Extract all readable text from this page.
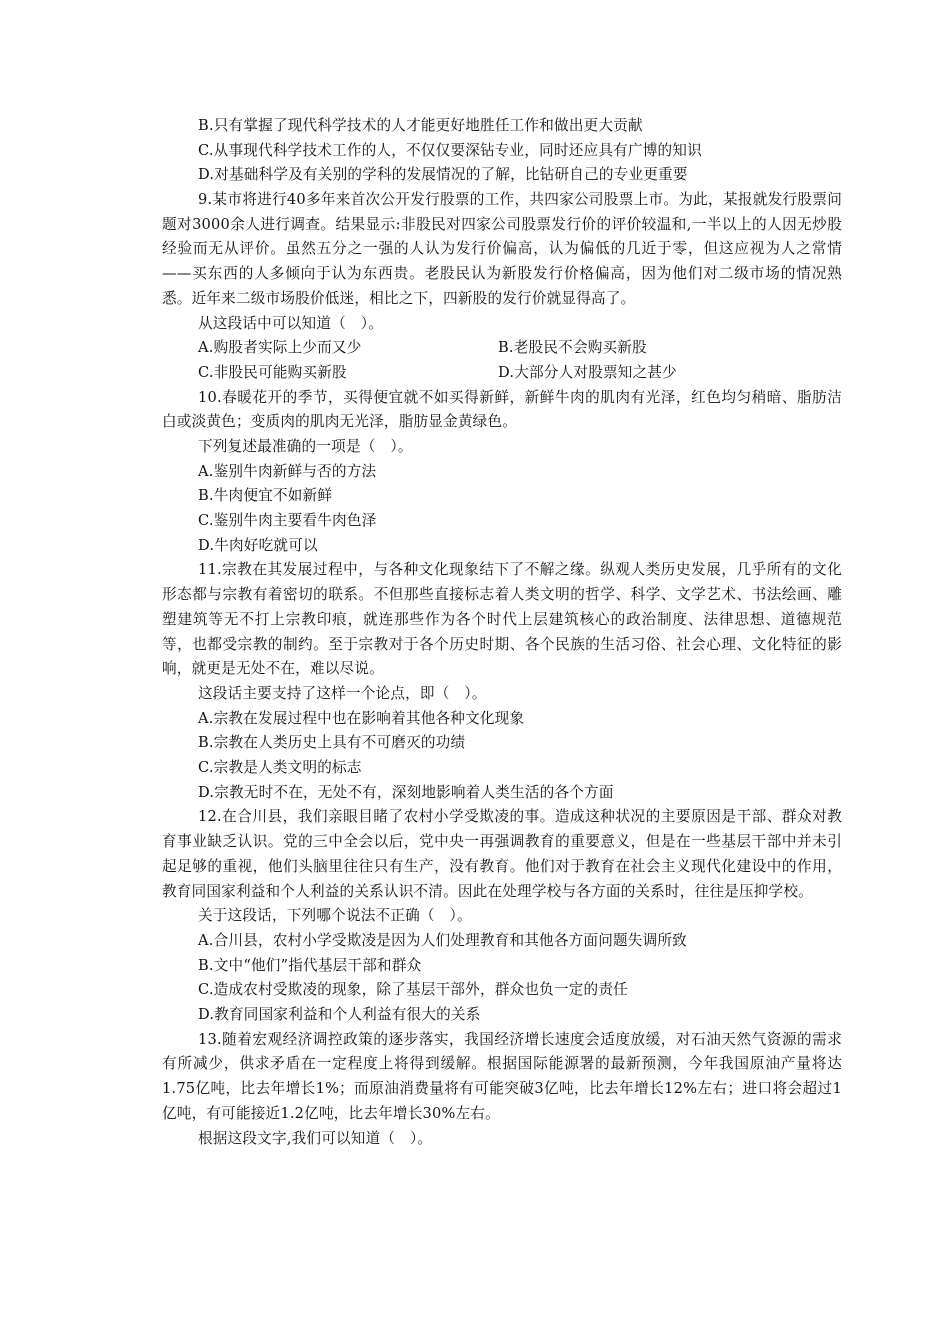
B.只有掌握了现代科学技术的人才能更好地胜任工作和做出更大贡献
C.从事现代科学技术工作的人，不仅仅要深钻专业，同时还应具有广博的知识
D.对基础科学及有关别的学科的发展情况的了解，比钻研自己的专业更重要

9.某市将进行40多年来首次公开发行股票的工作，共四家公司股票上市。为此，某报就发行股票问题对3000余人进行调查。结果显示:非股民对四家公司股票发行价的评价较温和,一半以上的人因无炒股经验而无从评价。虽然五分之一强的人认为发行价偏高，认为偏低的几近于零，但这应视为人之常情——买东西的人多倾向于认为东西贵。老股民认为新股发行价格偏高，因为他们对二级市场的情况熟悉。近年来二级市场股价低迷，相比之下，四新股的发行价就显得高了。

从这段话中可以知道（　）。
A.购股者实际上少而又少	B.老股民不会购买新股
C.非股民可能购买新股	D.大部分人对股票知之甚少

10.春暖花开的季节，买得便宜就不如买得新鲜，新鲜牛肉的肌肉有光泽，红色均匀稍暗、脂肪洁白或淡黄色；变质肉的肌肉无光泽，脂肪显金黄绿色。

下列复述最准确的一项是（　）。
A.鉴别牛肉新鲜与否的方法
B.牛肉便宜不如新鲜
C.鉴别牛肉主要看牛肉色泽
D.牛肉好吃就可以

11.宗教在其发展过程中，与各种文化现象结下了不解之缘。纵观人类历史发展，几乎所有的文化形态都与宗教有着密切的联系。不但那些直接标志着人类文明的哲学、科学、文学艺术、书法绘画、雕塑建筑等无不打上宗教印痕，就连那些作为各个时代上层建筑核心的政治制度、法律思想、道德规范等，也都受宗教的制约。至于宗教对于各个历史时期、各个民族的生活习俗、社会心理、文化特征的影响，就更是无处不在，难以尽说。

这段话主要支持了这样一个论点，即（　）。
A.宗教在发展过程中也在影响着其他各种文化现象
B.宗教在人类历史上具有不可磨灭的功绩
C.宗教是人类文明的标志
D.宗教无时不在，无处不有，深刻地影响着人类生活的各个方面

12.在合川县，我们亲眼目睹了农村小学受欺凌的事。造成这种状况的主要原因是干部、群众对教育事业缺乏认识。党的三中全会以后，党中央一再强调教育的重要意义，但是在一些基层干部中并未引起足够的重视，他们头脑里往往只有生产，没有教育。他们对于教育在社会主义现代化建设中的作用，教育同国家利益和个人利益的关系认识不清。因此在处理学校与各方面的关系时，往往是压抑学校。

关于这段话，下列哪个说法不正确（　）。
A.合川县，农村小学受欺凌是因为人们处理教育和其他各方面问题失调所致
B.文中“他们”指代基层干部和群众
C.造成农村受欺凌的现象，除了基层干部外，群众也负一定的责任
D.教育同国家利益和个人利益有很大的关系

13.随着宏观经济调控政策的逐步落实，我国经济增长速度会适度放缓，对石油天然气资源的需求有所减少，供求矛盾在一定程度上将得到缓解。根据国际能源署的最新预测，今年我国原油产量将达1.75亿吨，比去年增长1%；而原油消费量将有可能突破3亿吨，比去年增长12%左右；进口将会超过1亿吨，有可能接近1.2亿吨，比去年增长30%左右。

根据这段文字,我们可以知道（　）。
